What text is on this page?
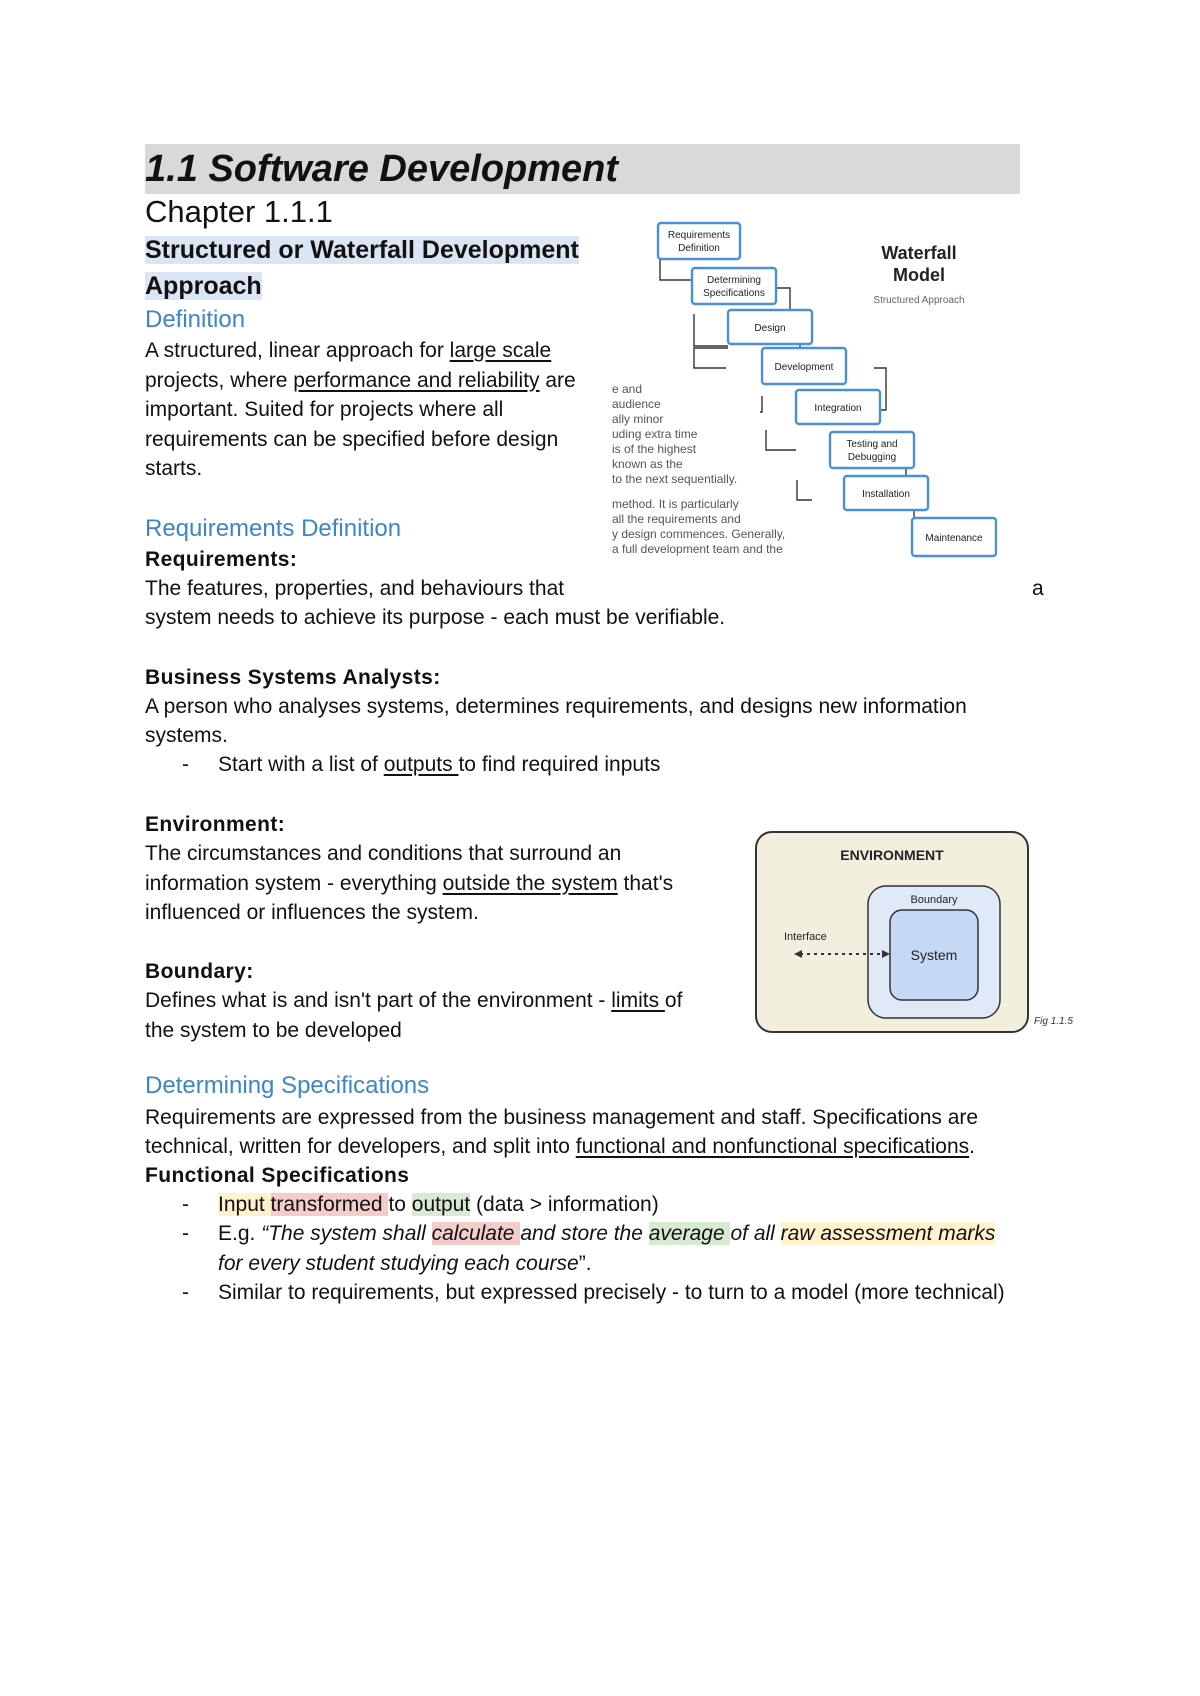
1.1 Software Development
Chapter 1.1.1
Structured or Waterfall Development
Approach
Definition
A structured, linear approach for large scale
projects, where performance and reliability are
important. Suited for projects where all
requirements can be specified before design
starts.
e and
audience
ally minor
uding extra time
is of the highest
known as the
to the next sequentially.
method. It is particularly
all the requirements and
y design commences. Generally,
a full development team and the
Requirements
Definition
Determining
Specifications
Design
Development
Integration
Testing and
Debugging
Installation
Maintenance
Waterfall
Model
Structured Approach
Requirements Definition
Requirements:
The features, properties, and behaviours that	a
system needs to achieve its purpose - each must be verifiable.
Business Systems Analysts:
A person who analyses systems, determines requirements, and designs new information
systems.
- Start with a list of outputs to find required inputs
Environment:
The circumstances and conditions that surround an
information system - everything outside the system that's
influenced or influences the system.
Boundary:
Defines what is and isn't part of the environment - limits of
the system to be developed
ENVIRONMENT
Boundary
System
Interface
Fig 1.1.5
Determining Specifications
Requirements are expressed from the business management and staff. Specifications are
technical, written for developers, and split into functional and nonfunctional specifications.
Functional Specifications
- Input transformed to output (data > information)
- E.g. “The system shall calculate and store the average of all raw assessment marks
for every student studying each course”.
- Similar to requirements, but expressed precisely - to turn to a model (more technical)
